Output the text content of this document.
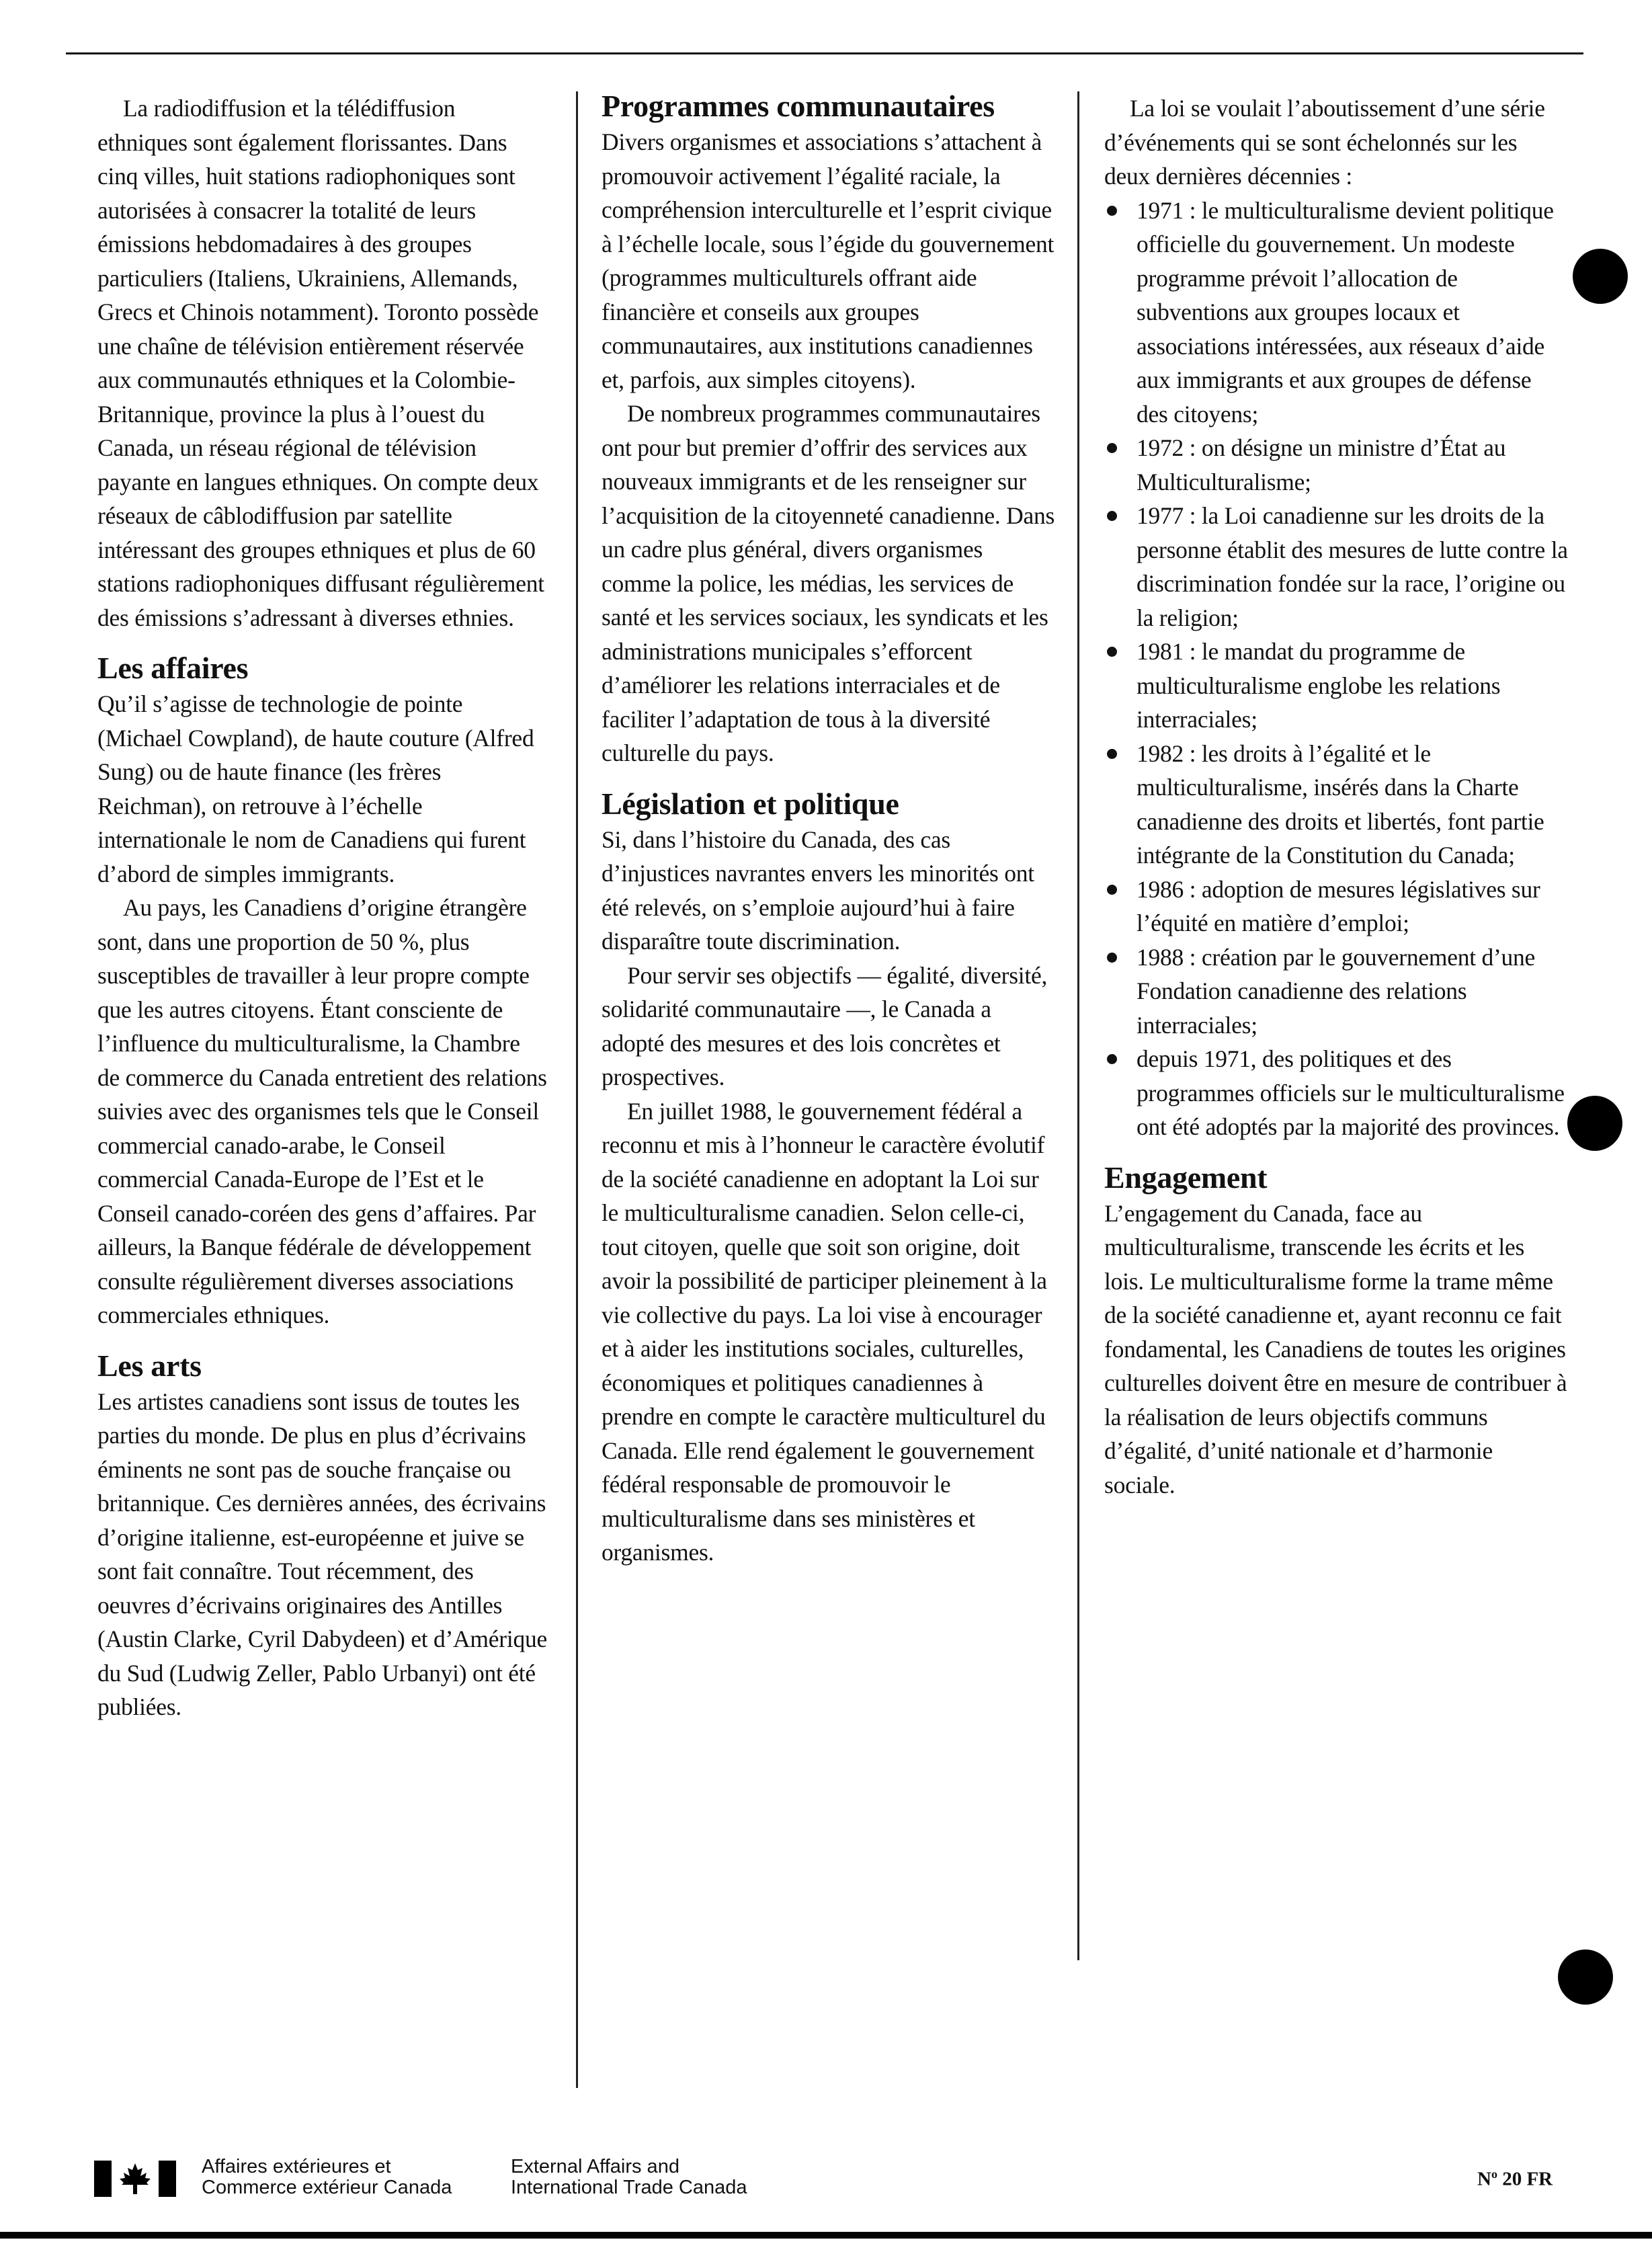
La radiodiffusion et la télédiffusion ethniques sont également florissantes. Dans cinq villes, huit stations radiophoniques sont autorisées à consacrer la totalité de leurs émissions hebdomadaires à des groupes particuliers (Italiens, Ukrainiens, Allemands, Grecs et Chinois notamment). Toronto possède une chaîne de télévision entièrement réservée aux communautés ethniques et la Colombie-Britannique, province la plus à l’ouest du Canada, un réseau régional de télévision payante en langues ethniques. On compte deux réseaux de câblodiffusion par satellite intéressant des groupes ethniques et plus de 60 stations radiophoniques diffusant régulièrement des émissions s’adressant à diverses ethnies.

Les affaires

Qu’il s’agisse de technologie de pointe (Michael Cowpland), de haute couture (Alfred Sung) ou de haute finance (les frères Reichman), on retrouve à l’échelle internationale le nom de Canadiens qui furent d’abord de simples immigrants.

Au pays, les Canadiens d’origine étrangère sont, dans une proportion de 50 %, plus susceptibles de travailler à leur propre compte que les autres citoyens. Étant consciente de l’influence du multiculturalisme, la Chambre de commerce du Canada entretient des relations suivies avec des organismes tels que le Conseil commercial canado-arabe, le Conseil commercial Canada-Europe de l’Est et le Conseil canado-coréen des gens d’affaires. Par ailleurs, la Banque fédérale de développement consulte régulièrement diverses associations commerciales ethniques.

Les arts

Les artistes canadiens sont issus de toutes les parties du monde. De plus en plus d’écrivains éminents ne sont pas de souche française ou britannique. Ces dernières années, des écrivains d’origine italienne, est-européenne et juive se sont fait connaître. Tout récemment, des oeuvres d’écrivains originaires des Antilles (Austin Clarke, Cyril Dabydeen) et d’Amérique du Sud (Ludwig Zeller, Pablo Urbanyi) ont été publiées.

Programmes communautaires

Divers organismes et associations s’attachent à promouvoir activement l’égalité raciale, la compréhension interculturelle et l’esprit civique à l’échelle locale, sous l’égide du gouvernement (programmes multiculturels offrant aide financière et conseils aux groupes communautaires, aux institutions canadiennes et, parfois, aux simples citoyens).

De nombreux programmes communautaires ont pour but premier d’offrir des services aux nouveaux immigrants et de les renseigner sur l’acquisition de la citoyenneté canadienne. Dans un cadre plus général, divers organismes comme la police, les médias, les services de santé et les services sociaux, les syndicats et les administrations municipales s’efforcent d’améliorer les relations interraciales et de faciliter l’adaptation de tous à la diversité culturelle du pays.

Législation et politique

Si, dans l’histoire du Canada, des cas d’injustices navrantes envers les minorités ont été relevés, on s’emploie aujourd’hui à faire disparaître toute discrimination.

Pour servir ses objectifs — égalité, diversité, solidarité communautaire —, le Canada a adopté des mesures et des lois concrètes et prospectives.

En juillet 1988, le gouvernement fédéral a reconnu et mis à l’honneur le caractère évolutif de la société canadienne en adoptant la Loi sur le multiculturalisme canadien. Selon celle-ci, tout citoyen, quelle que soit son origine, doit avoir la possibilité de participer pleinement à la vie collective du pays. La loi vise à encourager et à aider les institutions sociales, culturelles, économiques et politiques canadiennes à prendre en compte le caractère multiculturel du Canada. Elle rend également le gouvernement fédéral responsable de promouvoir le multiculturalisme dans ses ministères et organismes.

La loi se voulait l’aboutissement d’une série d’événements qui se sont échelonnés sur les deux dernières décennies :

1971 : le multiculturalisme devient politique officielle du gouvernement. Un modeste programme prévoit l’allocation de subventions aux groupes locaux et associations intéressées, aux réseaux d’aide aux immigrants et aux groupes de défense des citoyens;
1972 : on désigne un ministre d’État au Multiculturalisme;
1977 : la Loi canadienne sur les droits de la personne établit des mesures de lutte contre la discrimination fondée sur la race, l’origine ou la religion;
1981 : le mandat du programme de multiculturalisme englobe les relations interraciales;
1982 : les droits à l’égalité et le multiculturalisme, insérés dans la Charte canadienne des droits et libertés, font partie intégrante de la Constitution du Canada;
1986 : adoption de mesures législatives sur l’équité en matière d’emploi;
1988 : création par le gouvernement d’une Fondation canadienne des relations interraciales;
depuis 1971, des politiques et des programmes officiels sur le multiculturalisme ont été adoptés par la majorité des provinces.
Engagement

L’engagement du Canada, face au multiculturalisme, transcende les écrits et les lois. Le multiculturalisme forme la trame même de la société canadienne et, ayant reconnu ce fait fondamental, les Canadiens de toutes les origines culturelles doivent être en mesure de contribuer à la réalisation de leurs objectifs communs d’égalité, d’unité nationale et d’harmonie sociale.

Affaires extérieures et
Commerce extérieur Canada
External Affairs and
International Trade Canada	$N^o$ 20 FR
